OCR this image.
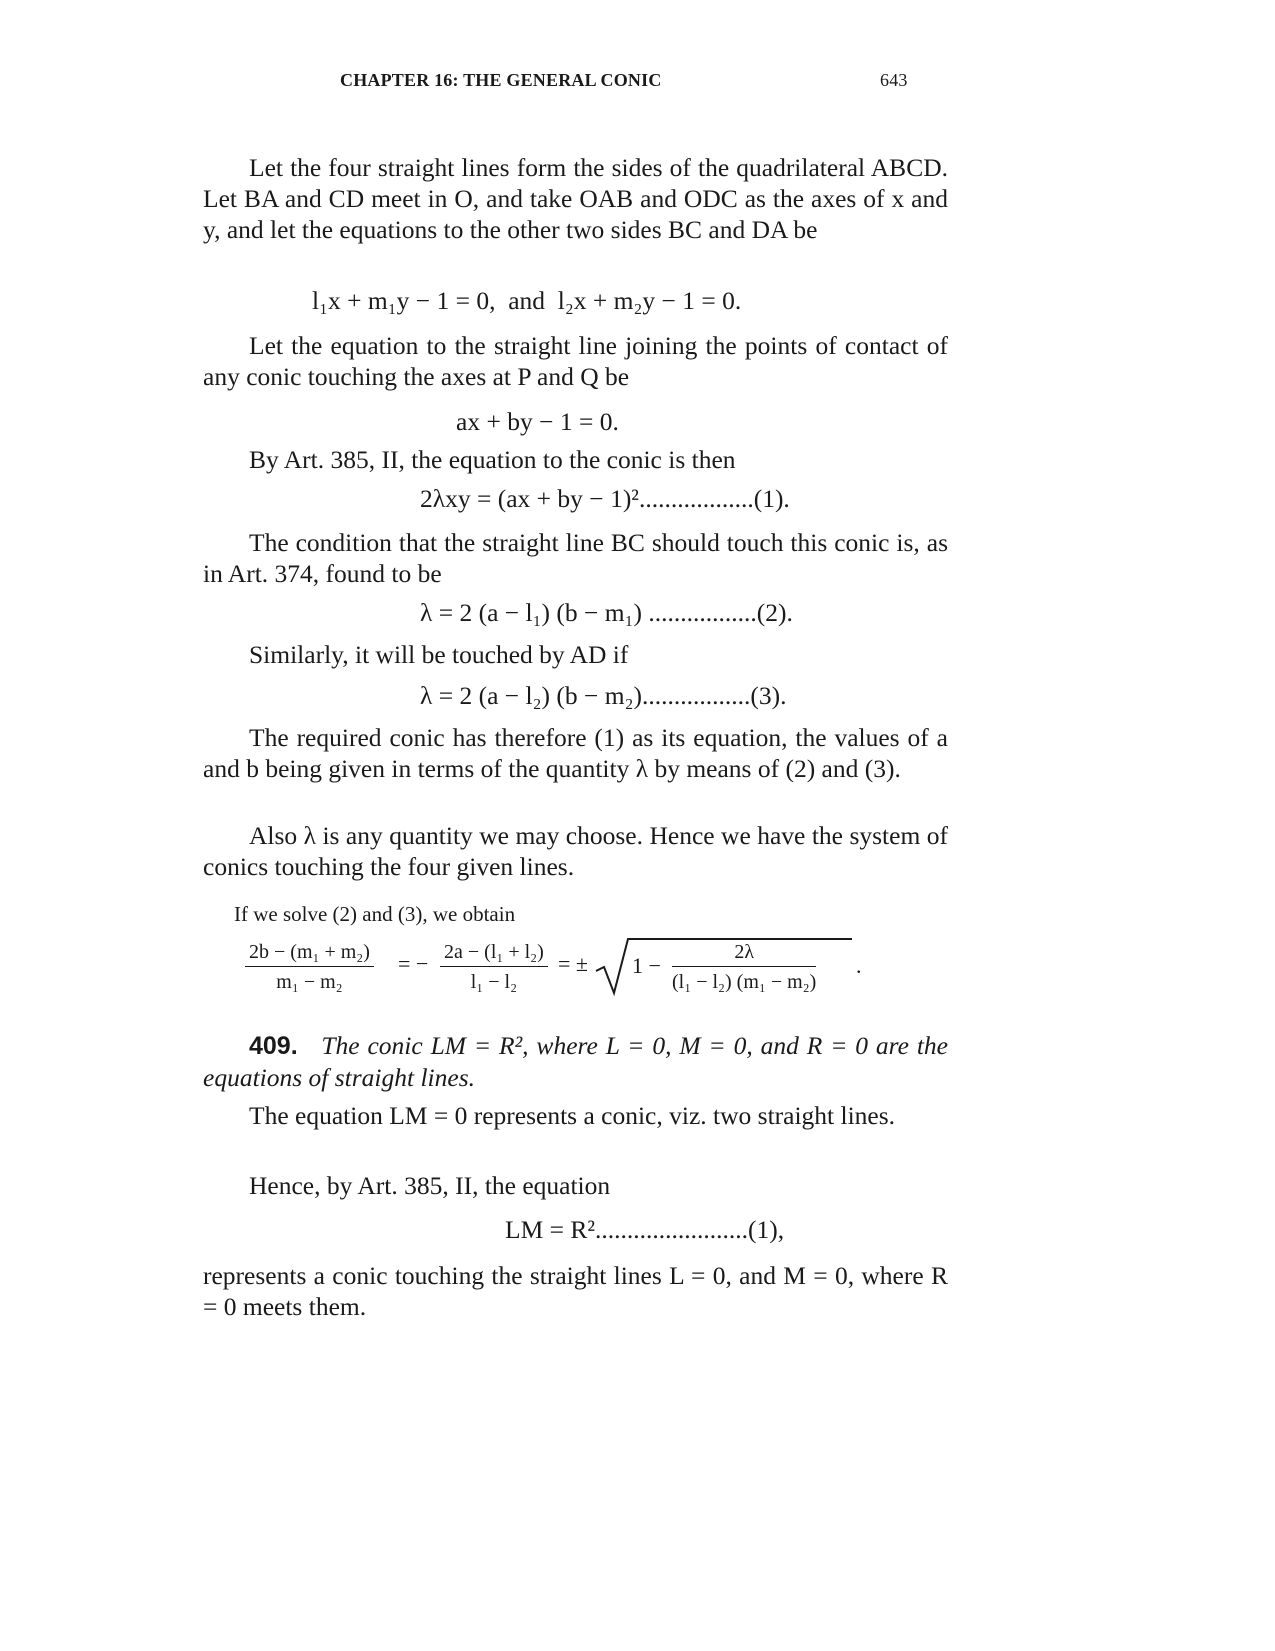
CHAPTER 16: THE GENERAL CONIC	643
Let the four straight lines form the sides of the quadrilateral ABCD. Let BA and CD meet in O, and take OAB and ODC as the axes of x and y, and let the equations to the other two sides BC and DA be
l₁x + m₁y − 1 = 0,  and  l₂x + m₂y − 1 = 0.
Let the equation to the straight line joining the points of contact of any conic touching the axes at P and Q be
ax + by − 1 = 0.
By Art. 385, II, the equation to the conic is then
2λxy = (ax + by − 1)²..................(1).
The condition that the straight line BC should touch this conic is, as in Art. 374, found to be
λ = 2 (a − l₁) (b − m₁) .................(2).
Similarly, it will be touched by AD if
λ = 2 (a − l₂) (b − m₂).................(3).
The required conic has therefore (1) as its equation, the values of a and b being given in terms of the quantity λ by means of (2) and (3).
Also λ is any quantity we may choose. Hence we have the system of conics touching the four given lines.
If we solve (2) and (3), we obtain
$\frac{\text{2b − (m₁ + m₂)}}{\text{m₁ − m₂}}$ = − $\frac{\text{2a − (l₁ + l₂)}}{\text{l₁ − l₂}}$ = ± $1 - \frac{2\lambda}{\text{(l₁ − l₂) (m₁ − m₂)}}$ .
409. The conic LM = R², where L = 0, M = 0, and R = 0 are the equations of straight lines.
The equation LM = 0 represents a conic, viz. two straight lines.
Hence, by Art. 385, II, the equation
LM = R²........................(1),
represents a conic touching the straight lines L = 0, and M = 0, where R = 0 meets them.
